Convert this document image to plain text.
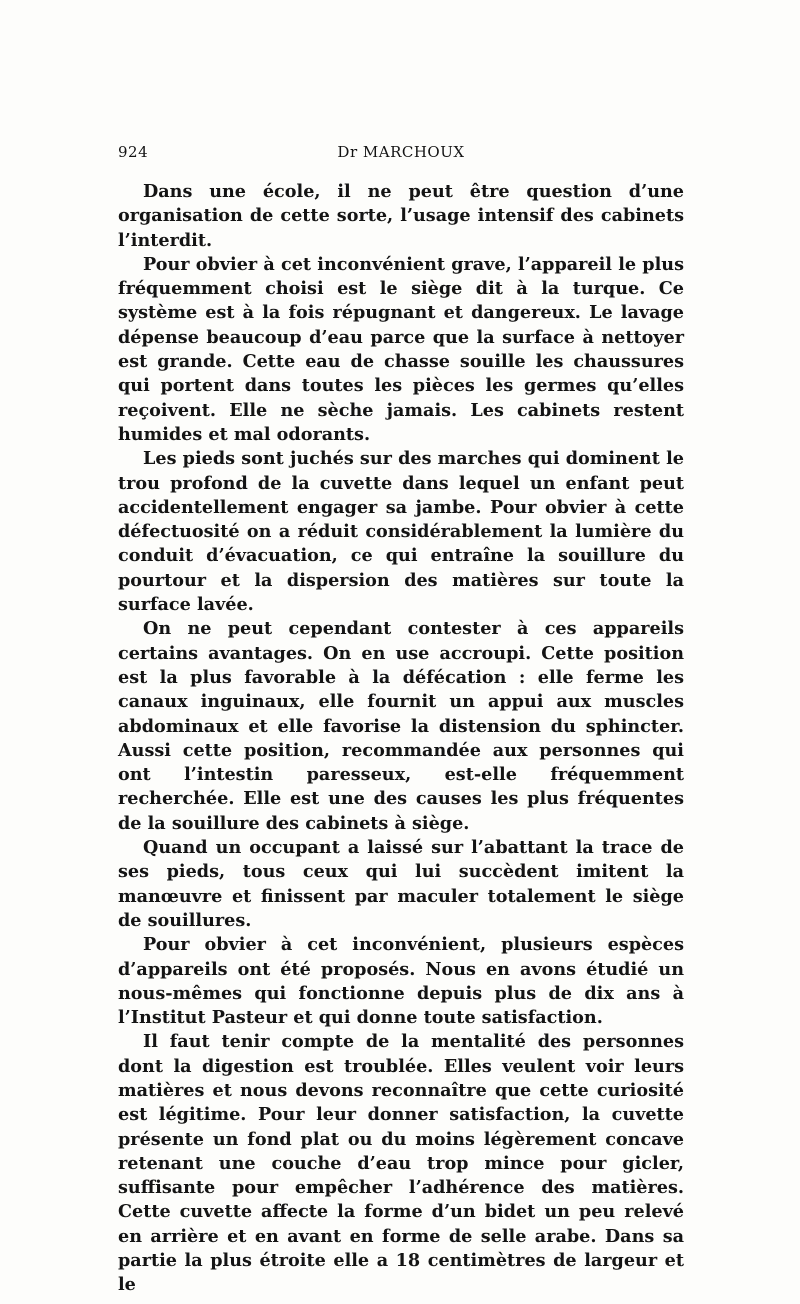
924	Dr MARCHOUX

Dans une école, il ne peut être question d’une organisation de cette sorte, l’usage intensif des cabinets l’interdit.

Pour obvier à cet inconvénient grave, l’appareil le plus fréquemment choisi est le siège dit à la turque. Ce système est à la fois répugnant et dangereux. Le lavage dépense beaucoup d’eau parce que la surface à nettoyer est grande. Cette eau de chasse souille les chaussures qui portent dans toutes les pièces les germes qu’elles reçoivent. Elle ne sèche jamais. Les cabinets restent humides et mal odorants.

Les pieds sont juchés sur des marches qui dominent le trou profond de la cuvette dans lequel un enfant peut accidentellement engager sa jambe. Pour obvier à cette défectuosité on a réduit considérablement la lumière du conduit d’évacuation, ce qui entraîne la souillure du pourtour et la dispersion des matières sur toute la surface lavée.

On ne peut cependant contester à ces appareils certains avantages. On en use accroupi. Cette position est la plus favorable à la défécation : elle ferme les canaux inguinaux, elle fournit un appui aux muscles abdominaux et elle favorise la distension du sphincter. Aussi cette position, recommandée aux personnes qui ont l’intestin paresseux, est-elle fréquemment recherchée. Elle est une des causes les plus fréquentes de la souillure des cabinets à siège.

Quand un occupant a laissé sur l’abattant la trace de ses pieds, tous ceux qui lui succèdent imitent la manœuvre et finissent par maculer totalement le siège de souillures.

Pour obvier à cet inconvénient, plusieurs espèces d’appareils ont été proposés. Nous en avons étudié un nous-mêmes qui fonctionne depuis plus de dix ans à l’Institut Pasteur et qui donne toute satisfaction.

Il faut tenir compte de la mentalité des personnes dont la digestion est troublée. Elles veulent voir leurs matières et nous devons reconnaître que cette curiosité est légitime. Pour leur donner satisfaction, la cuvette présente un fond plat ou du moins légèrement concave retenant une couche d’eau trop mince pour gicler, suffisante pour empêcher l’adhérence des matières. Cette cuvette affecte la forme d’un bidet un peu relevé en arrière et en avant en forme de selle arabe. Dans sa partie la plus étroite elle a 18 centimètres de largeur et le
